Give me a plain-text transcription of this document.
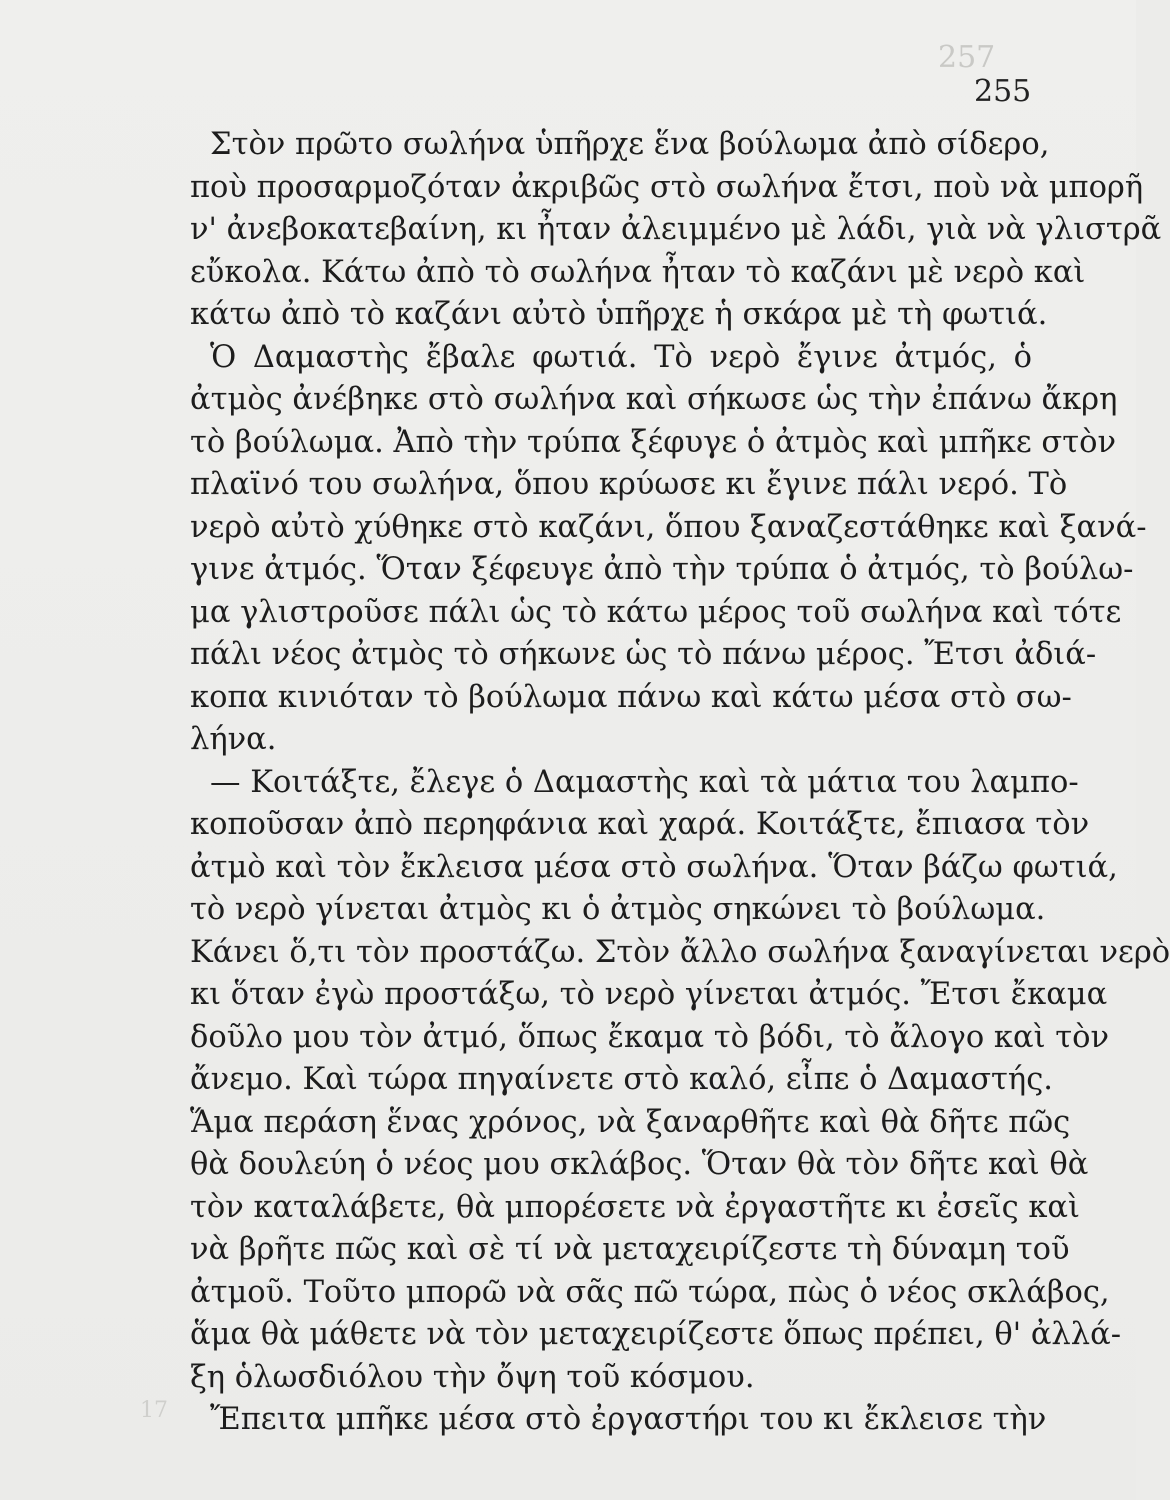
257
17
255
Στὸν πρῶτο σωλήνα ὑπῆρχε ἕνα βούλωμα ἀπὸ σίδερο,
ποὺ προσαρμοζόταν ἀκριβῶς στὸ σωλήνα ἔτσι, ποὺ νὰ μπορῆ
ν' ἀνεβοκατεβαίνη, κι ἦταν ἀλειμμένο μὲ λάδι, γιὰ νὰ γλιστρᾶ
εὔκολα. Κάτω ἀπὸ τὸ σωλήνα ἦταν τὸ καζάνι μὲ νερὸ καὶ
κάτω ἀπὸ τὸ καζάνι αὐτὸ ὑπῆρχε ἡ σκάρα μὲ τὴ φωτιά.
Ὁ Δαμαστὴς ἔβαλε φωτιά. Τὸ νερὸ ἔγινε ἀτμός, ὁ
ἀτμὸς ἀνέβηκε στὸ σωλήνα καὶ σήκωσε ὡς τὴν ἐπάνω ἄκρη
τὸ βούλωμα. Ἀπὸ τὴν τρύπα ξέφυγε ὁ ἀτμὸς καὶ μπῆκε στὸν
πλαϊνό του σωλήνα, ὅπου κρύωσε κι ἔγινε πάλι νερό. Τὸ
νερὸ αὐτὸ χύθηκε στὸ καζάνι, ὅπου ξαναζεστάθηκε καὶ ξανά-
γινε ἀτμός. Ὅταν ξέφευγε ἀπὸ τὴν τρύπα ὁ ἀτμός, τὸ βούλω-
μα γλιστροῦσε πάλι ὡς τὸ κάτω μέρος τοῦ σωλήνα καὶ τότε
πάλι νέος ἀτμὸς τὸ σήκωνε ὡς τὸ πάνω μέρος. Ἔτσι ἀδιά-
κοπα κινιόταν τὸ βούλωμα πάνω καὶ κάτω μέσα στὸ σω-
λήνα.
— Κοιτάξτε, ἔλεγε ὁ Δαμαστὴς καὶ τὰ μάτια του λαμπο-
κοποῦσαν ἀπὸ περηφάνια καὶ χαρά. Κοιτάξτε, ἔπιασα τὸν
ἀτμὸ καὶ τὸν ἔκλεισα μέσα στὸ σωλήνα. Ὅταν βάζω φωτιά,
τὸ νερὸ γίνεται ἀτμὸς κι ὁ ἀτμὸς σηκώνει τὸ βούλωμα.
Κάνει ὅ,τι τὸν προστάζω. Στὸν ἄλλο σωλήνα ξαναγίνεται νερὸ
κι ὅταν ἐγὼ προστάξω, τὸ νερὸ γίνεται ἀτμός. Ἔτσι ἔκαμα
δοῦλο μου τὸν ἀτμό, ὅπως ἔκαμα τὸ βόδι, τὸ ἄλογο καὶ τὸν
ἄνεμο. Καὶ τώρα πηγαίνετε στὸ καλό, εἶπε ὁ Δαμαστής.
Ἅμα περάση ἕνας χρόνος, νὰ ξαναρθῆτε καὶ θὰ δῆτε πῶς
θὰ δουλεύη ὁ νέος μου σκλάβος. Ὅταν θὰ τὸν δῆτε καὶ θὰ
τὸν καταλάβετε, θὰ μπορέσετε νὰ ἐργαστῆτε κι ἐσεῖς καὶ
νὰ βρῆτε πῶς καὶ σὲ τί νὰ μεταχειρίζεστε τὴ δύναμη τοῦ
ἀτμοῦ. Τοῦτο μπορῶ νὰ σᾶς πῶ τώρα, πὼς ὁ νέος σκλάβος,
ἅμα θὰ μάθετε νὰ τὸν μεταχειρίζεστε ὅπως πρέπει, θ' ἀλλά-
ξη ὁλωσδιόλου τὴν ὄψη τοῦ κόσμου.
Ἔπειτα μπῆκε μέσα στὸ ἐργαστήρι του κι ἔκλεισε τὴν
